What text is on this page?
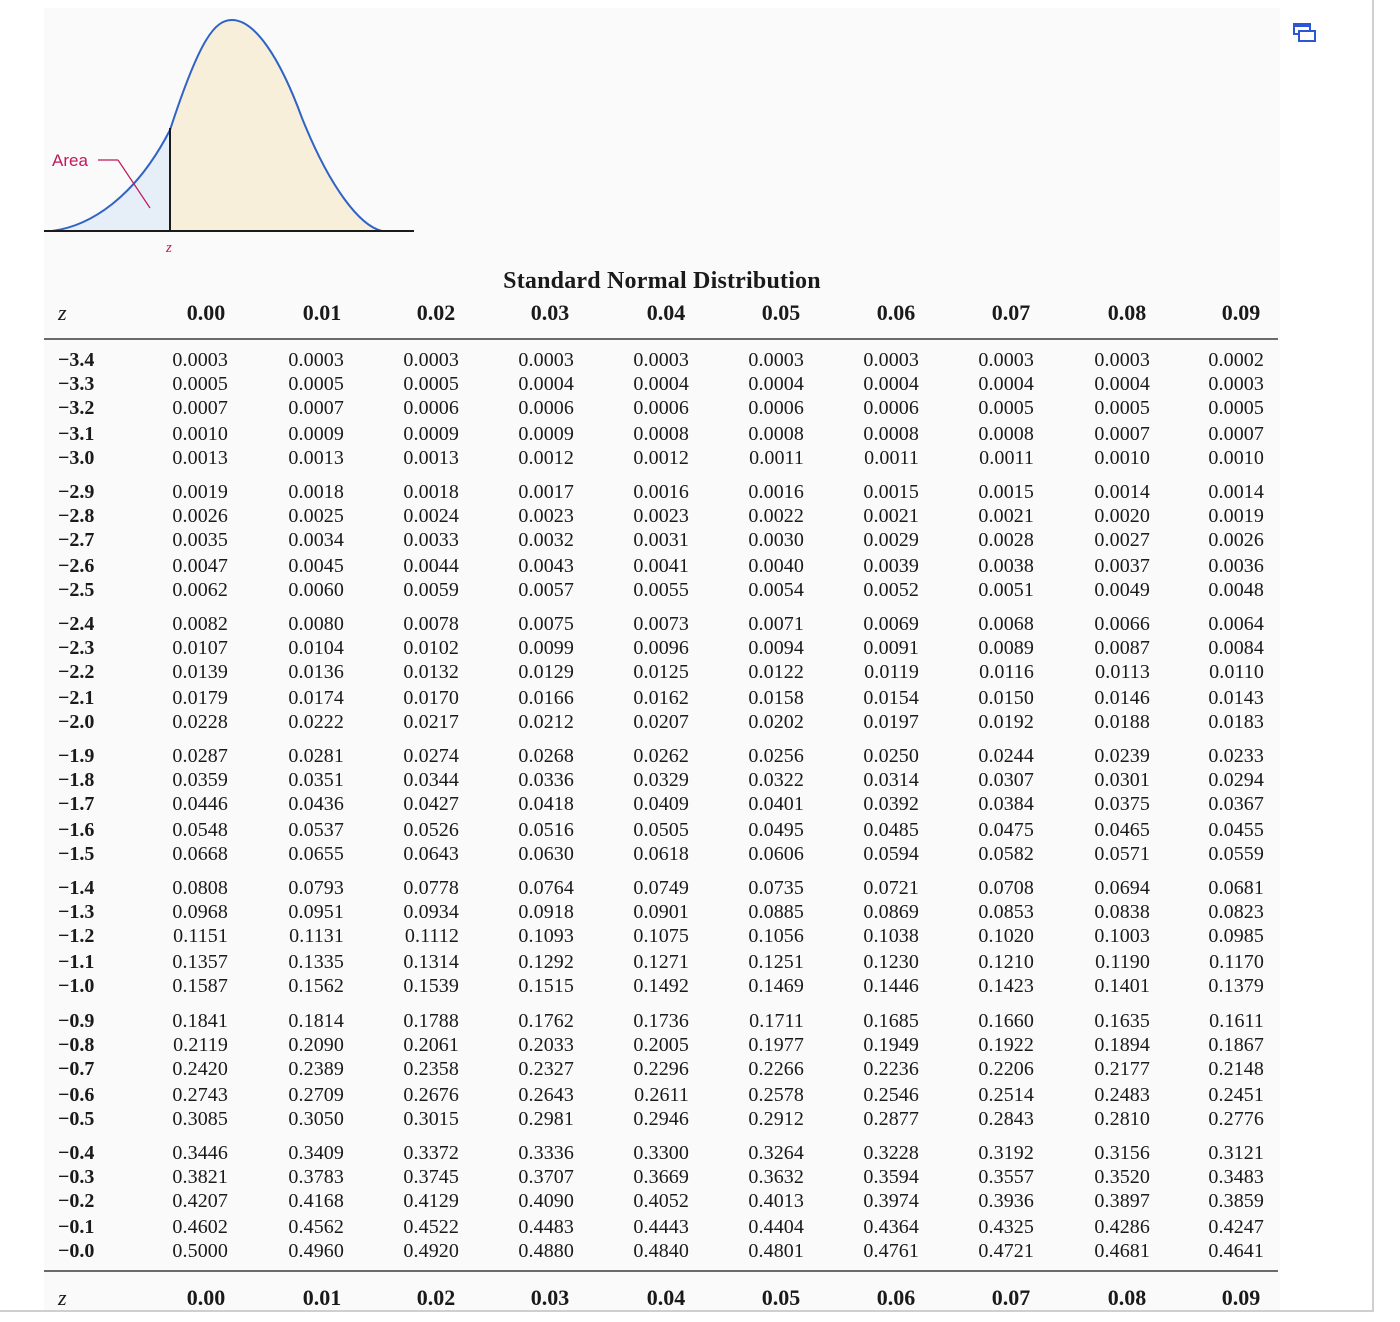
Area
z
Standard Normal Distribution
z	0.00	0.01	0.02	0.03	0.04	0.05	0.06	0.07	0.08	0.09
−3.4	0.0003	0.0003	0.0003	0.0003	0.0003	0.0003	0.0003	0.0003	0.0003	0.0002
−3.3	0.0005	0.0005	0.0005	0.0004	0.0004	0.0004	0.0004	0.0004	0.0004	0.0003
−3.2	0.0007	0.0007	0.0006	0.0006	0.0006	0.0006	0.0006	0.0005	0.0005	0.0005
−3.1	0.0010	0.0009	0.0009	0.0009	0.0008	0.0008	0.0008	0.0008	0.0007	0.0007
−3.0	0.0013	0.0013	0.0013	0.0012	0.0012	0.0011	0.0011	0.0011	0.0010	0.0010
−2.9	0.0019	0.0018	0.0018	0.0017	0.0016	0.0016	0.0015	0.0015	0.0014	0.0014
−2.8	0.0026	0.0025	0.0024	0.0023	0.0023	0.0022	0.0021	0.0021	0.0020	0.0019
−2.7	0.0035	0.0034	0.0033	0.0032	0.0031	0.0030	0.0029	0.0028	0.0027	0.0026
−2.6	0.0047	0.0045	0.0044	0.0043	0.0041	0.0040	0.0039	0.0038	0.0037	0.0036
−2.5	0.0062	0.0060	0.0059	0.0057	0.0055	0.0054	0.0052	0.0051	0.0049	0.0048
−2.4	0.0082	0.0080	0.0078	0.0075	0.0073	0.0071	0.0069	0.0068	0.0066	0.0064
−2.3	0.0107	0.0104	0.0102	0.0099	0.0096	0.0094	0.0091	0.0089	0.0087	0.0084
−2.2	0.0139	0.0136	0.0132	0.0129	0.0125	0.0122	0.0119	0.0116	0.0113	0.0110
−2.1	0.0179	0.0174	0.0170	0.0166	0.0162	0.0158	0.0154	0.0150	0.0146	0.0143
−2.0	0.0228	0.0222	0.0217	0.0212	0.0207	0.0202	0.0197	0.0192	0.0188	0.0183
−1.9	0.0287	0.0281	0.0274	0.0268	0.0262	0.0256	0.0250	0.0244	0.0239	0.0233
−1.8	0.0359	0.0351	0.0344	0.0336	0.0329	0.0322	0.0314	0.0307	0.0301	0.0294
−1.7	0.0446	0.0436	0.0427	0.0418	0.0409	0.0401	0.0392	0.0384	0.0375	0.0367
−1.6	0.0548	0.0537	0.0526	0.0516	0.0505	0.0495	0.0485	0.0475	0.0465	0.0455
−1.5	0.0668	0.0655	0.0643	0.0630	0.0618	0.0606	0.0594	0.0582	0.0571	0.0559
−1.4	0.0808	0.0793	0.0778	0.0764	0.0749	0.0735	0.0721	0.0708	0.0694	0.0681
−1.3	0.0968	0.0951	0.0934	0.0918	0.0901	0.0885	0.0869	0.0853	0.0838	0.0823
−1.2	0.1151	0.1131	0.1112	0.1093	0.1075	0.1056	0.1038	0.1020	0.1003	0.0985
−1.1	0.1357	0.1335	0.1314	0.1292	0.1271	0.1251	0.1230	0.1210	0.1190	0.1170
−1.0	0.1587	0.1562	0.1539	0.1515	0.1492	0.1469	0.1446	0.1423	0.1401	0.1379
−0.9	0.1841	0.1814	0.1788	0.1762	0.1736	0.1711	0.1685	0.1660	0.1635	0.1611
−0.8	0.2119	0.2090	0.2061	0.2033	0.2005	0.1977	0.1949	0.1922	0.1894	0.1867
−0.7	0.2420	0.2389	0.2358	0.2327	0.2296	0.2266	0.2236	0.2206	0.2177	0.2148
−0.6	0.2743	0.2709	0.2676	0.2643	0.2611	0.2578	0.2546	0.2514	0.2483	0.2451
−0.5	0.3085	0.3050	0.3015	0.2981	0.2946	0.2912	0.2877	0.2843	0.2810	0.2776
−0.4	0.3446	0.3409	0.3372	0.3336	0.3300	0.3264	0.3228	0.3192	0.3156	0.3121
−0.3	0.3821	0.3783	0.3745	0.3707	0.3669	0.3632	0.3594	0.3557	0.3520	0.3483
−0.2	0.4207	0.4168	0.4129	0.4090	0.4052	0.4013	0.3974	0.3936	0.3897	0.3859
−0.1	0.4602	0.4562	0.4522	0.4483	0.4443	0.4404	0.4364	0.4325	0.4286	0.4247
−0.0	0.5000	0.4960	0.4920	0.4880	0.4840	0.4801	0.4761	0.4721	0.4681	0.4641
z	0.00	0.01	0.02	0.03	0.04	0.05	0.06	0.07	0.08	0.09
